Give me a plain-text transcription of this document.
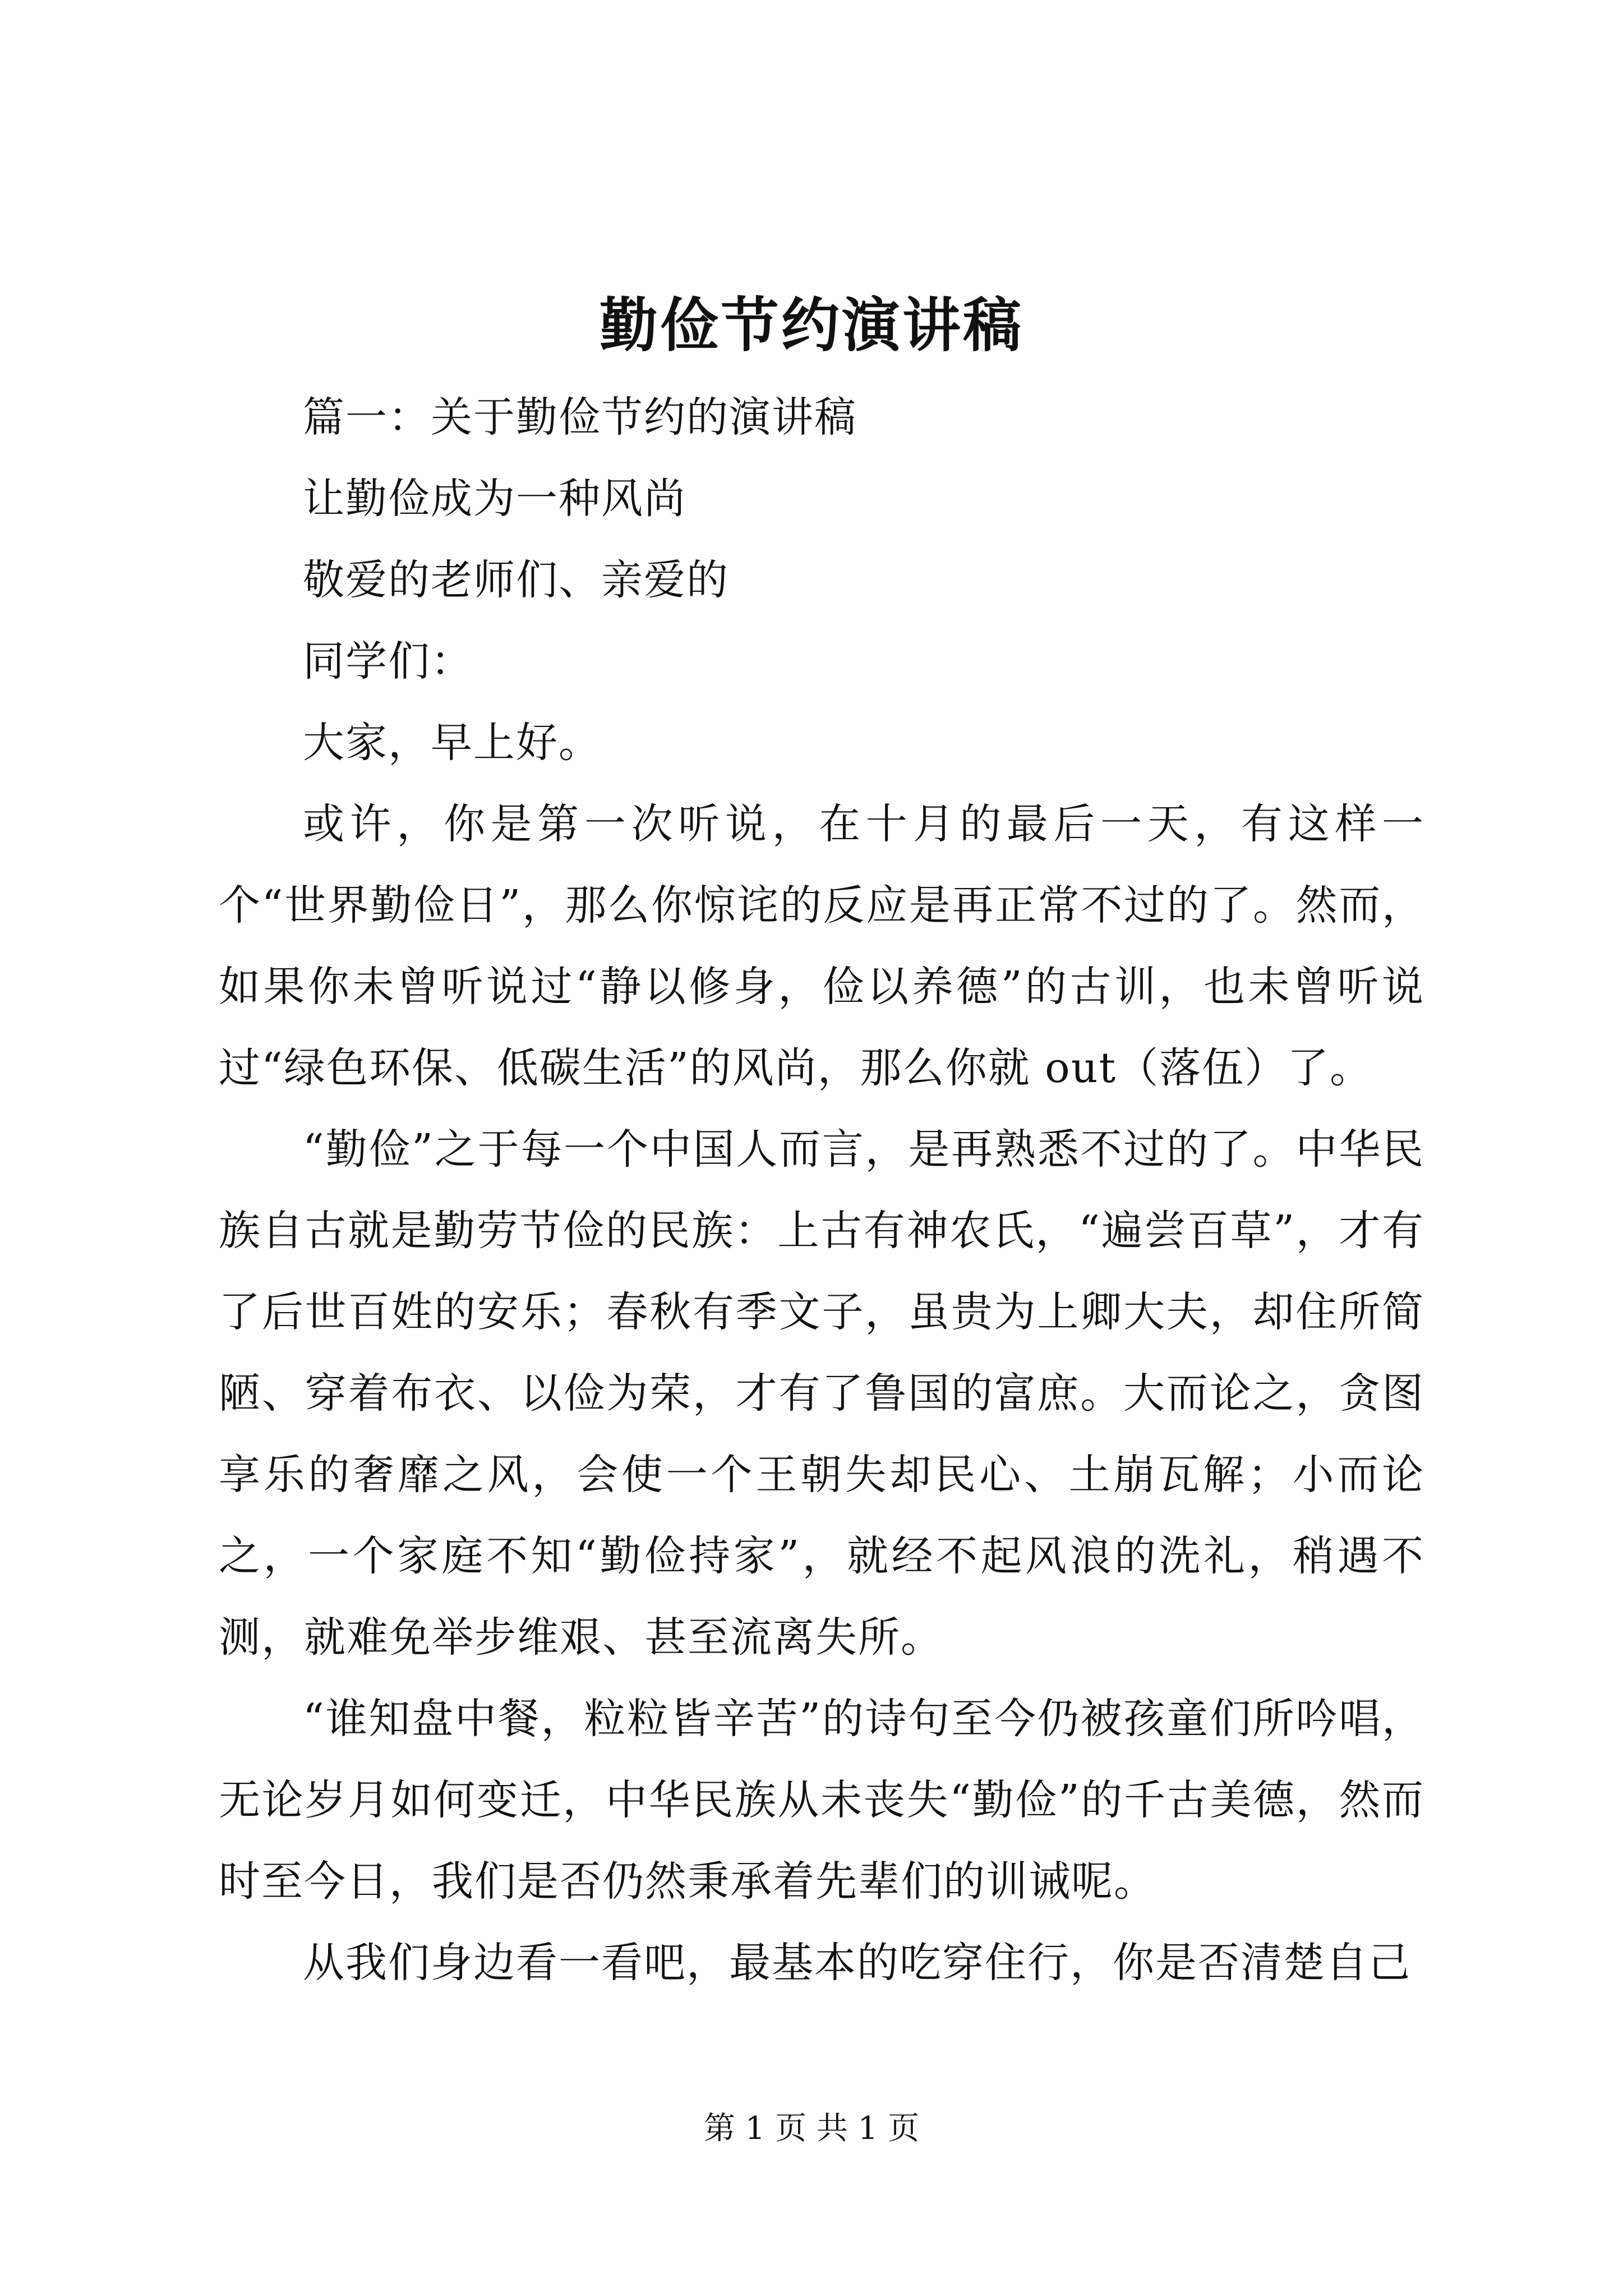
勤俭节约演讲稿

篇一：关于勤俭节约的演讲稿

让勤俭成为一种风尚

敬爱的老师们、亲爱的

同学们：

大家，早上好。

或许，你是第一次听说，在十月的最后一天，有这样一个“世界勤俭日”，那么你惊诧的反应是再正常不过的了。然而，如果你未曾听说过“静以修身，俭以养德”的古训，也未曾听说过“绿色环保、低碳生活”的风尚，那么你就 out（落伍）了。

“勤俭”之于每一个中国人而言，是再熟悉不过的了。中华民族自古就是勤劳节俭的民族：上古有神农氏，“遍尝百草”，才有了后世百姓的安乐；春秋有季文子，虽贵为上卿大夫，却住所简陋、穿着布衣、以俭为荣，才有了鲁国的富庶。大而论之，贪图享乐的奢靡之风，会使一个王朝失却民心、土崩瓦解；小而论之，一个家庭不知“勤俭持家”，就经不起风浪的洗礼，稍遇不测，就难免举步维艰、甚至流离失所。

“谁知盘中餐，粒粒皆辛苦”的诗句至今仍被孩童们所吟唱，无论岁月如何变迁，中华民族从未丧失“勤俭”的千古美德，然而时至今日，我们是否仍然秉承着先辈们的训诫呢。

从我们身边看一看吧，最基本的吃穿住行，你是否清楚自己

第 1 页 共 1 页
